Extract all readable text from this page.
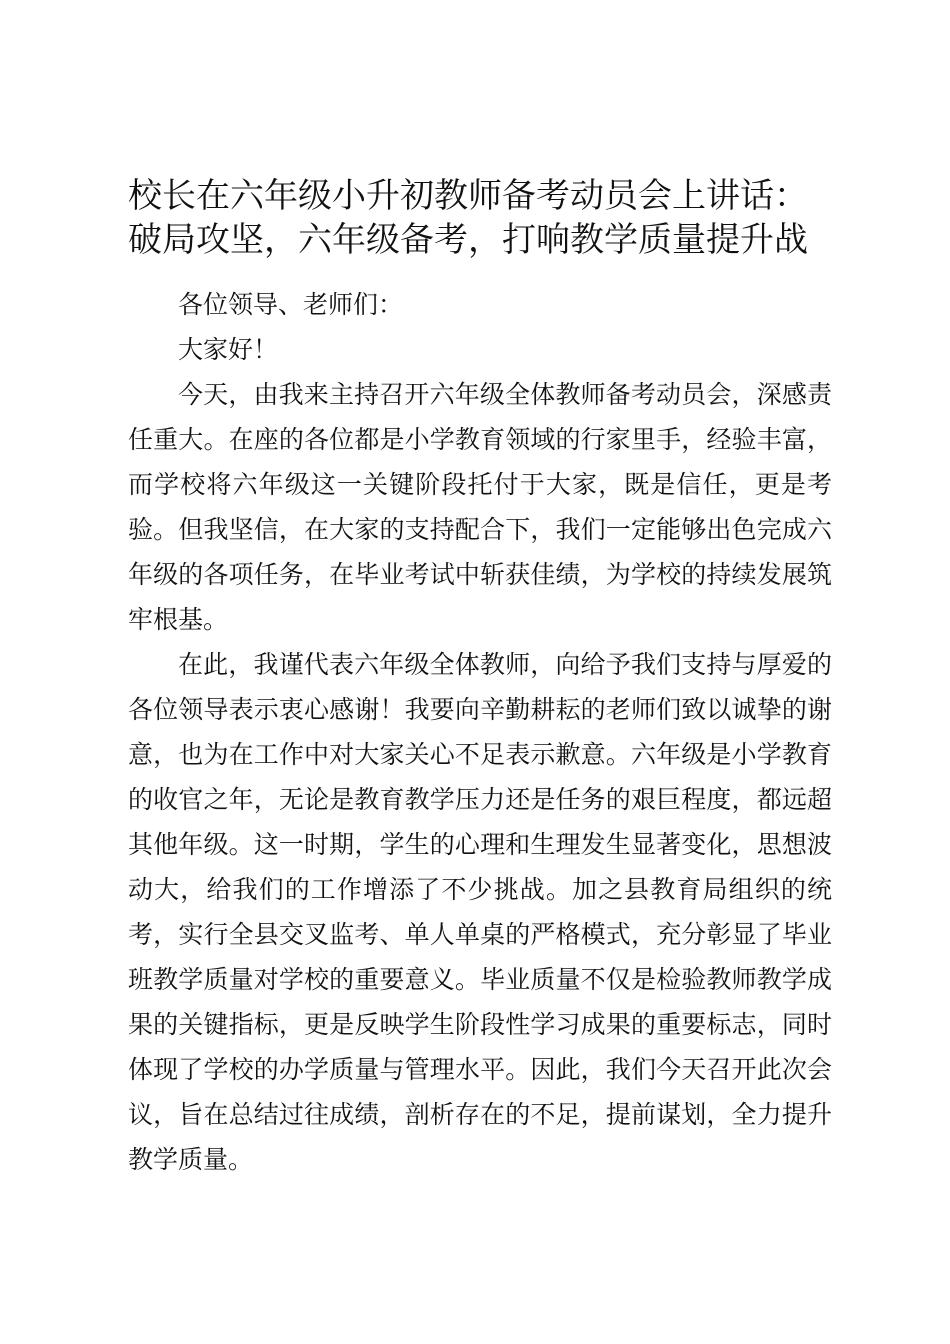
校长在六年级小升初教师备考动员会上讲话：
破局攻坚，六年级备考，打响教学质量提升战

各位领导、老师们：

大家好！

今天，由我来主持召开六年级全体教师备考动员会，深感责任重大。在座的各位都是小学教育领域的行家里手，经验丰富，而学校将六年级这一关键阶段托付于大家，既是信任，更是考验。但我坚信，在大家的支持配合下，我们一定能够出色完成六年级的各项任务，在毕业考试中斩获佳绩，为学校的持续发展筑牢根基。

在此，我谨代表六年级全体教师，向给予我们支持与厚爱的各位领导表示衷心感谢！我要向辛勤耕耘的老师们致以诚挚的谢意，也为在工作中对大家关心不足表示歉意。六年级是小学教育的收官之年，无论是教育教学压力还是任务的艰巨程度，都远超其他年级。这一时期，学生的心理和生理发生显著变化，思想波动大，给我们的工作增添了不少挑战。加之县教育局组织的统考，实行全县交叉监考、单人单桌的严格模式，充分彰显了毕业班教学质量对学校的重要意义。毕业质量不仅是检验教师教学成果的关键指标，更是反映学生阶段性学习成果的重要标志，同时体现了学校的办学质量与管理水平。因此，我们今天召开此次会议，旨在总结过往成绩，剖析存在的不足，提前谋划，全力提升教学质量。
